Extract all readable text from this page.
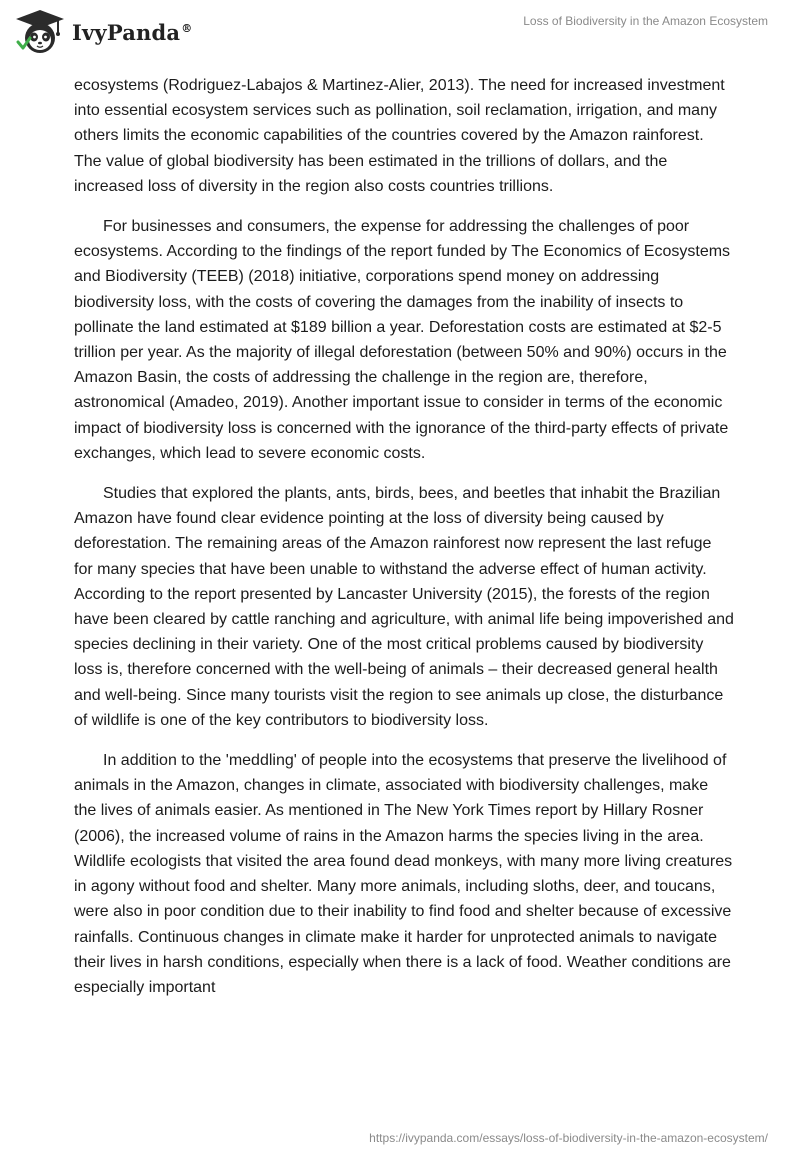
IvyPanda®	Loss of Biodiversity in the Amazon Ecosystem

ecosystems (Rodriguez-Labajos & Martinez-Alier, 2013). The need for increased investment into essential ecosystem services such as pollination, soil reclamation, irrigation, and many others limits the economic capabilities of the countries covered by the Amazon rainforest. The value of global biodiversity has been estimated in the trillions of dollars, and the increased loss of diversity in the region also costs countries trillions.

For businesses and consumers, the expense for addressing the challenges of poor ecosystems. According to the findings of the report funded by The Economics of Ecosystems and Biodiversity (TEEB) (2018) initiative, corporations spend money on addressing biodiversity loss, with the costs of covering the damages from the inability of insects to pollinate the land estimated at $189 billion a year. Deforestation costs are estimated at $2-5 trillion per year. As the majority of illegal deforestation (between 50% and 90%) occurs in the Amazon Basin, the costs of addressing the challenge in the region are, therefore, astronomical (Amadeo, 2019). Another important issue to consider in terms of the economic impact of biodiversity loss is concerned with the ignorance of the third-party effects of private exchanges, which lead to severe economic costs.

Studies that explored the plants, ants, birds, bees, and beetles that inhabit the Brazilian Amazon have found clear evidence pointing at the loss of diversity being caused by deforestation. The remaining areas of the Amazon rainforest now represent the last refuge for many species that have been unable to withstand the adverse effect of human activity. According to the report presented by Lancaster University (2015), the forests of the region have been cleared by cattle ranching and agriculture, with animal life being impoverished and species declining in their variety. One of the most critical problems caused by biodiversity loss is, therefore concerned with the well-being of animals – their decreased general health and well-being. Since many tourists visit the region to see animals up close, the disturbance of wildlife is one of the key contributors to biodiversity loss.

In addition to the 'meddling' of people into the ecosystems that preserve the livelihood of animals in the Amazon, changes in climate, associated with biodiversity challenges, make the lives of animals easier. As mentioned in The New York Times report by Hillary Rosner (2006), the increased volume of rains in the Amazon harms the species living in the area. Wildlife ecologists that visited the area found dead monkeys, with many more living creatures in agony without food and shelter. Many more animals, including sloths, deer, and toucans, were also in poor condition due to their inability to find food and shelter because of excessive rainfalls. Continuous changes in climate make it harder for unprotected animals to navigate their lives in harsh conditions, especially when there is a lack of food. Weather conditions are especially important

https://ivypanda.com/essays/loss-of-biodiversity-in-the-amazon-ecosystem/
